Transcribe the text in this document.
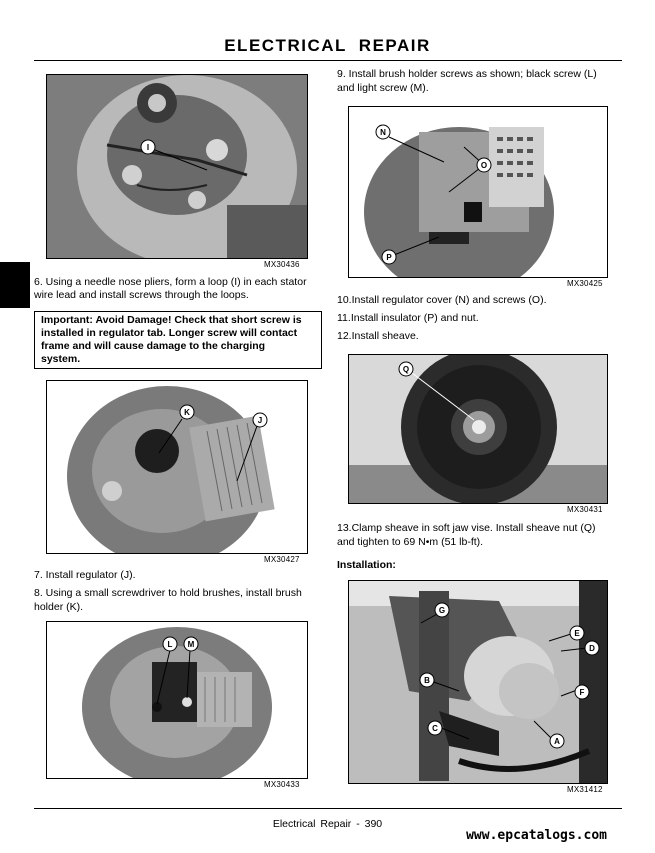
ELECTRICAL REPAIR
I
MX30436
6. Using a needle nose pliers, form a loop (I) in each stator
wire lead and install screws through the loops.
Important: Avoid Damage! Check that short screw is
installed in regulator tab. Longer screw will contact
frame and will cause damage to the charging
system.
K
J
MX30427
7. Install regulator (J).
8. Using a small screwdriver to hold brushes, install brush
holder (K).
L M
MX30433
9. Install brush holder screws as shown; black screw (L)
and light screw (M).
N
O
P
MX30425
10.Install regulator cover (N) and screws (O).
11.Install insulator (P) and nut.
12.Install sheave.
Q
MX30431
13.Clamp sheave in soft jaw vise. Install sheave nut (Q)
and tighten to 69 N•m (51 lb-ft).
Installation:
G
E
D
B
F
C
A
MX31412
Electrical Repair - 390
www.epcatalogs.com
